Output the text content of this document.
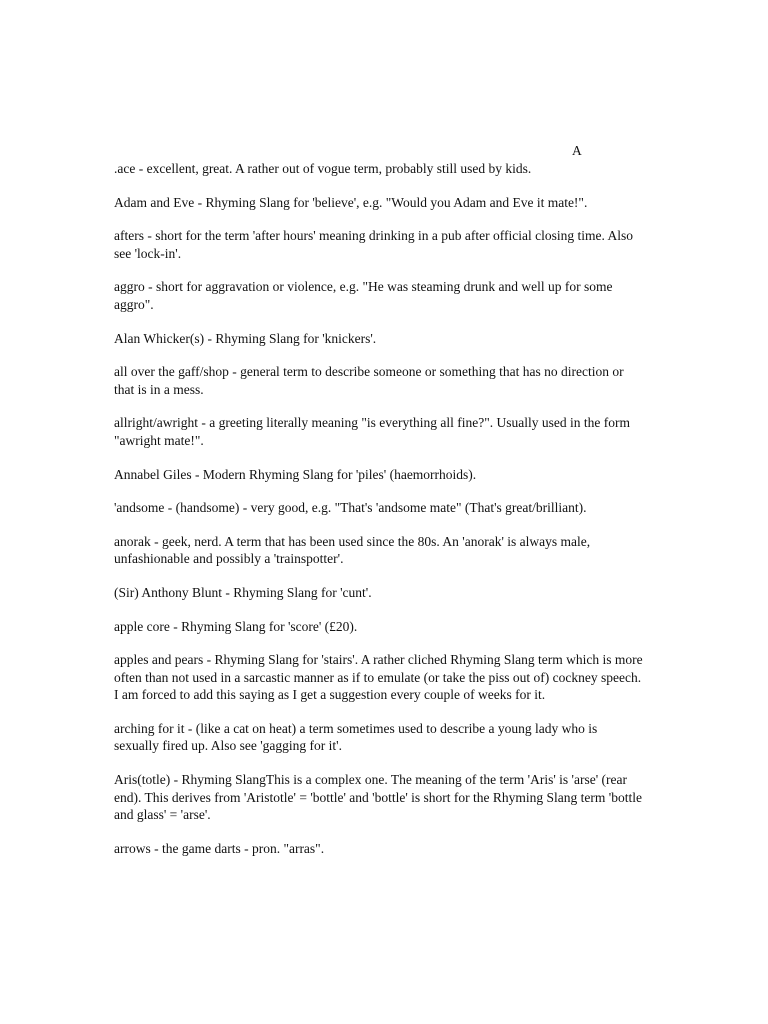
A

.ace - excellent, great. A rather out of vogue term, probably still used by kids.
Adam and Eve - Rhyming Slang for 'believe', e.g. "Would you Adam and Eve it mate!".
afters - short for the term 'after hours' meaning drinking in a pub after official closing time. Also see 'lock-in'.
aggro - short for aggravation or violence, e.g. "He was steaming drunk and well up for some aggro".
Alan Whicker(s) - Rhyming Slang for 'knickers'.
all over the gaff/shop - general term to describe someone or something that has no direction or that is in a mess.
allright/awright - a greeting literally meaning "is everything all fine?". Usually used in the form "awright mate!".
Annabel Giles - Modern Rhyming Slang for 'piles' (haemorrhoids).
'andsome - (handsome) - very good, e.g. "That's 'andsome mate" (That's great/brilliant).
anorak - geek, nerd. A term that has been used since the 80s. An 'anorak' is always male, unfashionable and possibly a 'trainspotter'.
(Sir) Anthony Blunt - Rhyming Slang for 'cunt'.
apple core - Rhyming Slang for 'score' (£20).
apples and pears - Rhyming Slang for 'stairs'. A rather cliched Rhyming Slang term which is more often than not used in a sarcastic manner as if to emulate (or take the piss out of) cockney speech. I am forced to add this saying as I get a suggestion every couple of weeks for it.
arching for it - (like a cat on heat) a term sometimes used to describe a young lady who is sexually fired up. Also see 'gagging for it'.
Aris(totle) - Rhyming SlangThis is a complex one. The meaning of the term 'Aris' is 'arse' (rear end). This derives from 'Aristotle' = 'bottle' and 'bottle' is short for the Rhyming Slang term 'bottle and glass' = 'arse'.
arrows - the game darts - pron. "arras".
